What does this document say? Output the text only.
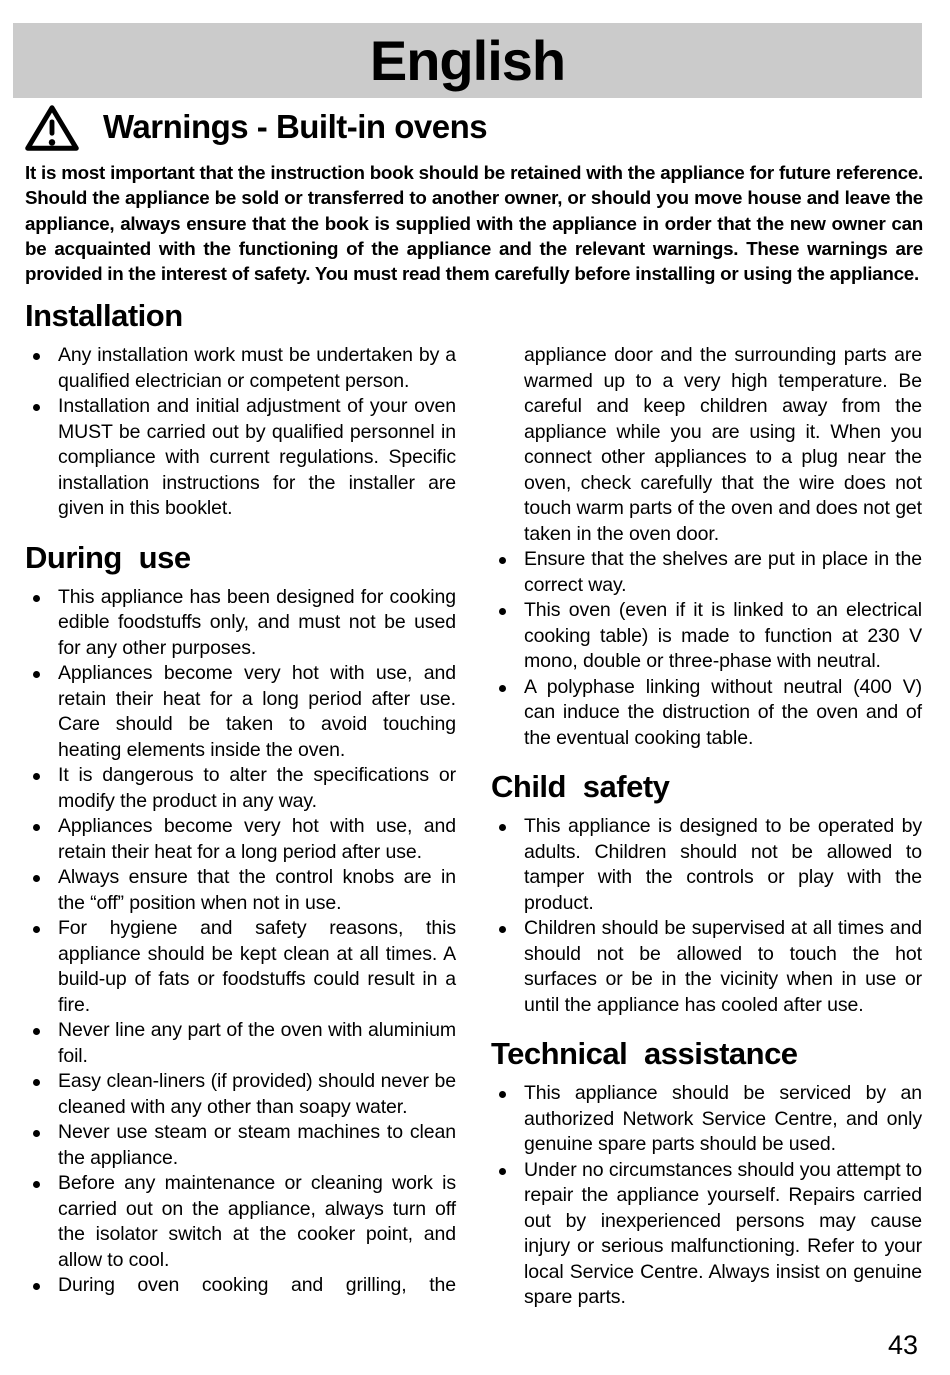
English
Warnings - Built-in ovens

It is most important that the instruction book should be retained with the appliance for future reference. Should the appliance be sold or transferred to another owner, or should you move house and leave the appliance, always ensure that the book is supplied with the appliance in order that the new owner can be acquainted with the functioning of the appliance and the relevant warnings. These warnings are provided in the interest of safety. You must read them carefully before installing or using the appliance.

Installation
Any installation work must be undertaken by a qualified electrician or competent person.
Installation and initial adjustment of your oven MUST be carried out by qualified personnel in compliance with current regulations. Specific installation instructions for the installer are given in this booklet.
During use
This appliance has been designed for cooking edible foodstuffs only, and must not be used for any other purposes.
Appliances become very hot with use, and retain their heat for a long period after use. Care should be taken to avoid touching heating elements inside the oven.
It is dangerous to alter the specifications or modify the product in any way.
Appliances become very hot with use, and retain their heat for a long period after use.
Always ensure that the control knobs are in the “off” position when not in use.
For hygiene and safety reasons, this appliance should be kept clean at all times. A build-up of fats or foodstuffs could result in a fire.
Never line any part of the oven with aluminium foil.
Easy clean-liners (if provided) should never be cleaned with any other than soapy water.
Never use steam or steam machines to clean the appliance.
Before any maintenance or cleaning work is carried out on the appliance, always turn off the isolator switch at the cooker point, and allow to cool.
During oven cooking and grilling, the

appliance door and the surrounding parts are warmed up to a very high temperature. Be careful and keep children away from the appliance while you are using it. When you connect other appliances to a plug near the oven, check carefully that the wire does not touch warm parts of the oven and does not get taken in the oven door.

Ensure that the shelves are put in place in the correct way.
This oven (even if it is linked to an electrical cooking table) is made to function at 230 V mono, double or three-phase with neutral.
A polyphase linking without neutral (400 V) can induce the distruction of the oven and of the eventual cooking table.
Child safety
This appliance is designed to be operated by adults. Children should not be allowed to tamper with the controls or play with the product.
Children should be supervised at all times and should not be allowed to touch the hot surfaces or be in the vicinity when in use or until the appliance has cooled after use.
Technical assistance
This appliance should be serviced by an authorized Network Service Centre, and only genuine spare parts should be used.
Under no circumstances should you attempt to repair the appliance yourself. Repairs carried out by inexperienced persons may cause injury or serious malfunctioning. Refer to your local Service Centre. Always insist on genuine spare parts.
43
